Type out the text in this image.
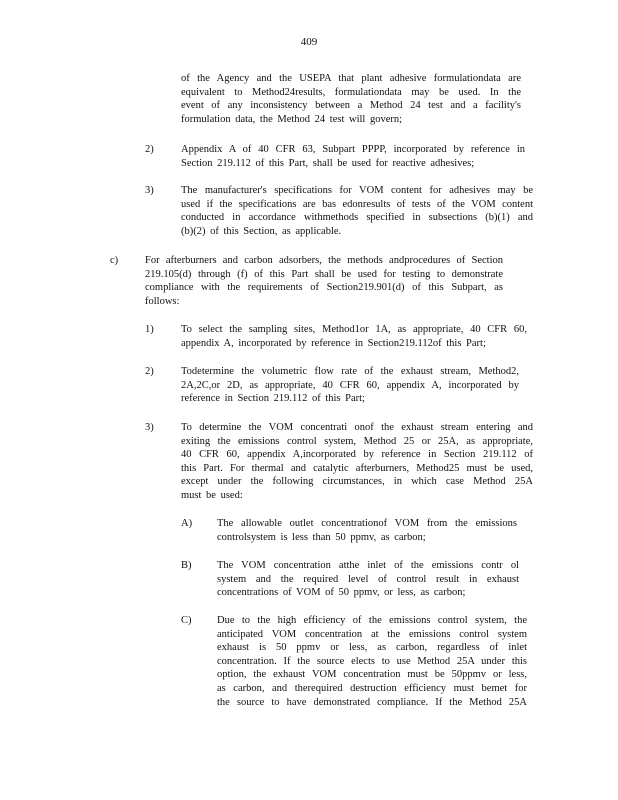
409
of the Agency and the USEPA that plant adhesive formulationdata are
equivalent to Method24results, formulationdata may be used. In the
event of any inconsistency between a Method 24 test and a facility's
formulation data, the Method 24 test will govern;
2)	Appendix A of 40 CFR 63, Subpart PPPP, incorporated by reference in
Section 219.112 of this Part, shall be used for reactive adhesives;
3)	The manufacturer's specifications for VOM content for adhesives may be
used if the specifications are bas edonresults of tests of the VOM content
conducted in accordance withmethods specified in subsections (b)(1) and
(b)(2) of this Section, as applicable.
c)	For afterburners and carbon adsorbers, the methods andprocedures of Section
219.105(d) through (f) of this Part shall be used for testing to demonstrate
compliance with the requirements of Section219.901(d) of this Subpart, as
follows:
1)	To select the sampling sites, Method1or 1A, as appropriate, 40 CFR 60,
appendix A, incorporated by reference in Section219.112of this Part;
2)	Todetermine the volumetric flow rate of the exhaust stream, Method2,
2A,2C,or 2D, as appropriate, 40 CFR 60, appendix A, incorporated by
reference in Section 219.112 of this Part;
3)	To determine the VOM concentrati onof the exhaust stream entering and
exiting the emissions control system, Method 25 or 25A, as appropriate,
40 CFR 60, appendix A,incorporated by reference in Section 219.112 of
this Part. For thermal and catalytic afterburners, Method25 must be used,
except under the following circumstances, in which case Method 25A
must be used:
A) The allowable outlet concentrationof VOM from the emissions
controlsystem is less than 50 ppmv, as carbon;
B) The VOM concentration atthe inlet of the emissions contr ol
system and the required level of control result in exhaust
concentrations of VOM of 50 ppmv, or less, as carbon;
C) Due to the high efficiency of the emissions control system, the
anticipated VOM concentration at the emissions control system
exhaust is 50 ppmv or less, as carbon, regardless of inlet
concentration. If the source elects to use Method 25A under this
option, the exhaust VOM concentration must be 50ppmv or less,
as carbon, and therequired destruction efficiency must bemet for
the source to have demonstrated compliance. If the Method 25A
